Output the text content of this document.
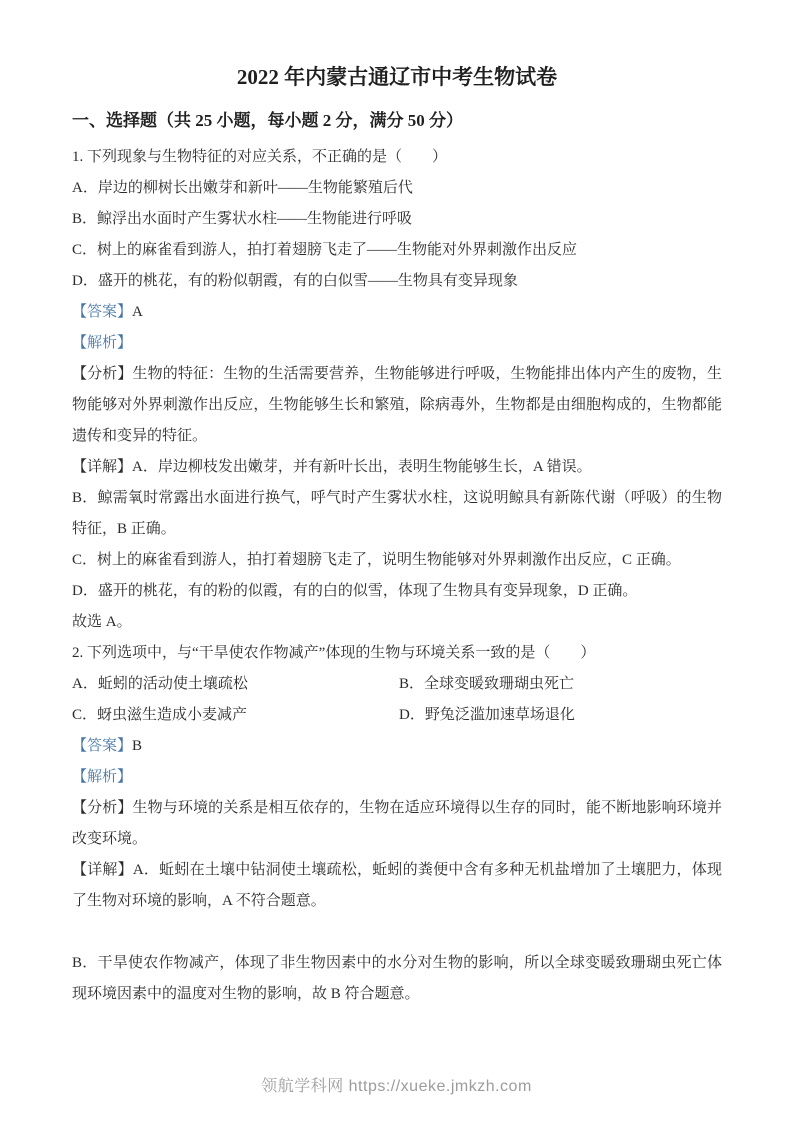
2022 年内蒙古通辽市中考生物试卷
一、选择题（共 25 小题，每小题 2 分，满分 50 分）

1. 下列现象与生物特征的对应关系，不正确的是（　　）

A．岸边的柳树长出嫩芽和新叶——生物能繁殖后代

B．鲸浮出水面时产生雾状水柱——生物能进行呼吸

C．树上的麻雀看到游人，拍打着翅膀飞走了——生物能对外界刺激作出反应

D．盛开的桃花，有的粉似朝霞，有的白似雪——生物具有变异现象

【答案】A

【解析】

【分析】生物的特征：生物的生活需要营养，生物能够进行呼吸，生物能排出体内产生的废物，生物能够对外界刺激作出反应，生物能够生长和繁殖，除病毒外，生物都是由细胞构成的，生物都能遗传和变异的特征。

【详解】A．岸边柳枝发出嫩芽，并有新叶长出，表明生物能够生长，A 错误。

B．鲸需氧时常露出水面进行换气，呼气时产生雾状水柱，这说明鲸具有新陈代谢（呼吸）的生物特征，B 正确。

C．树上的麻雀看到游人，拍打着翅膀飞走了，说明生物能够对外界刺激作出反应，C 正确。

D．盛开的桃花，有的粉的似霞，有的白的似雪，体现了生物具有变异现象，D 正确。

故选 A。

2. 下列选项中，与“干旱使农作物减产”体现的生物与环境关系一致的是（　　）

A．蚯蚓的活动使土壤疏松	B．全球变暖致珊瑚虫死亡

C．蚜虫滋生造成小麦减产	D．野兔泛滥加速草场退化

【答案】B

【解析】

【分析】生物与环境的关系是相互依存的，生物在适应环境得以生存的同时，能不断地影响环境并改变环境。

【详解】A．蚯蚓在土壤中钻洞使土壤疏松，蚯蚓的粪便中含有多种无机盐增加了土壤肥力，体现了生物对环境的影响，A 不符合题意。

B．干旱使农作物减产，体现了非生物因素中的水分对生物的影响，所以全球变暖致珊瑚虫死亡体现环境因素中的温度对生物的影响，故 B 符合题意。

领航学科网 https://xueke.jmkzh.com
